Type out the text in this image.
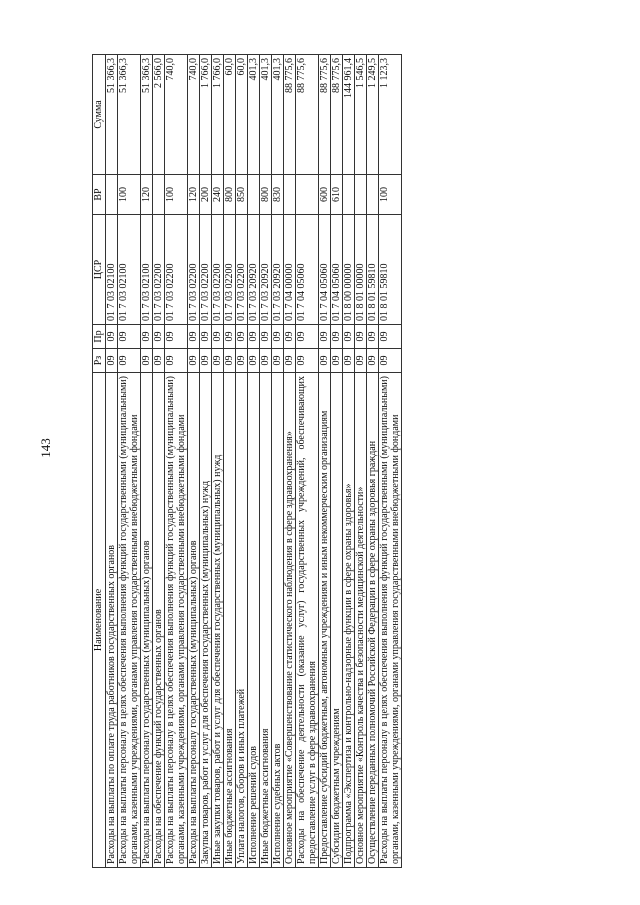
143
Наименование	Рз	Пр	ЦСР	ВР	Сумма
Расходы на выплаты по оплате труда работников государственных органов	09	09	01 7 03 02100		51 366,3
Расходы на выплаты персоналу в целях обеспечения выполнения функций государственными (муниципальными) органами, казенными учреждениями, органами управления государственными внебюджетными фондами	09	09	01 7 03 02100	100	51 366,3
Расходы на выплаты персоналу государственных (муниципальных) органов	09	09	01 7 03 02100	120	51 366,3
Расходы на обеспечение функций государственных органов	09	09	01 7 03 02200		2 566,0
Расходы на выплаты персоналу в целях обеспечения выполнения функций государственными (муниципальными) органами, казенными учреждениями, органами управления государственными внебюджетными фондами	09	09	01 7 03 02200	100	740,0
Расходы на выплаты персоналу государственных (муниципальных) органов	09	09	01 7 03 02200	120	740,0
Закупка товаров, работ и услуг для обеспечения государственных (муниципальных) нужд	09	09	01 7 03 02200	200	1 766,0
Иные закупки товаров, работ и услуг для обеспечения государственных (муниципальных) нужд	09	09	01 7 03 02200	240	1 766,0
Иные бюджетные ассигнования	09	09	01 7 03 02200	800	60,0
Уплата налогов, сборов и иных платежей	09	09	01 7 03 02200	850	60,0
Исполнение решений судов	09	09	01 7 03 20920		401,3
Иные бюджетные ассигнования	09	09	01 7 03 20920	800	401,3
Исполнение судебных актов	09	09	01 7 03 20920	830	401,3
Основное мероприятие «Совершенствование статистического наблюдения в сфере здравоохранения»	09	09	01 7 04 00000		88 775,6
Расходы на обеспечение деятельности (оказание услуг) государственных учреждений, обеспечивающих предоставление услуг в сфере здравоохранения	09	09	01 7 04 05060		88 775,6
Предоставление субсидий бюджетным, автономным учреждениям и иным некоммерческим организациям	09	09	01 7 04 05060	600	88 775,6
Субсидии бюджетным учреждениям	09	09	01 7 04 05060	610	88 775,6
Подпрограмма «Экспертиза и контрольно-надзорные функции в сфере охраны здоровья»	09	09	01 8 00 00000		144 961,4
Основное мероприятие «Контроль качества и безопасности медицинской деятельности»	09	09	01 8 01 00000		1 546,5
Осуществление переданных полномочий Российской Федерации в сфере охраны здоровья граждан	09	09	01 8 01 59810		1 249,5
Расходы на выплаты персоналу в целях обеспечения выполнения функций государственными (муниципальными) органами, казенными учреждениями, органами управления государственными внебюджетными фондами	09	09	01 8 01 59810	100	1 123,3
